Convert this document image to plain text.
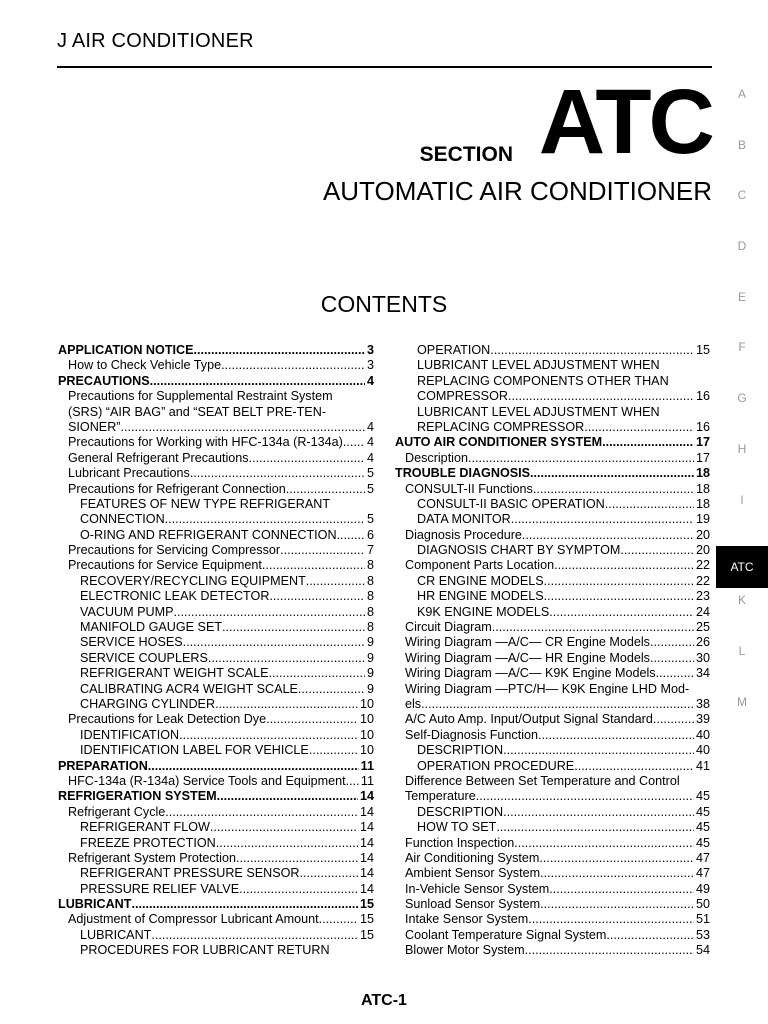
J AIR CONDITIONER
SECTION ATC
AUTOMATIC AIR CONDITIONER
CONTENTS
APPLICATION NOTICE .....	3
How to Check Vehicle Type .....	3
PRECAUTIONS .....	4
Precautions for Supplemental Restraint System
(SRS) “AIR BAG” and “SEAT BELT PRE-TEN-
SIONER” .....	4
Precautions for Working with HFC-134a (R-134a) ..... 4
General Refrigerant Precautions .....	4
Lubricant Precautions .....	5
Precautions for Refrigerant Connection .....	5
FEATURES OF NEW TYPE REFRIGERANT
CONNECTION .....	5
O-RING AND REFRIGERANT CONNECTION ..... 6
Precautions for Servicing Compressor .....	7
Precautions for Service Equipment .....	8
RECOVERY/RECYCLING EQUIPMENT .....	8
ELECTRONIC LEAK DETECTOR .....	8
VACUUM PUMP .....	8
MANIFOLD GAUGE SET .....	8
SERVICE HOSES .....	9
SERVICE COUPLERS .....	9
REFRIGERANT WEIGHT SCALE .....	9
CALIBRATING ACR4 WEIGHT SCALE .....	9
CHARGING CYLINDER .....	10
Precautions for Leak Detection Dye .....	10
IDENTIFICATION .....	10
IDENTIFICATION LABEL FOR VEHICLE .....	10
PREPARATION .....	11
HFC-134a (R-134a) Service Tools and Equipment ..... 11
REFRIGERATION SYSTEM .....	14
Refrigerant Cycle .....	14
REFRIGERANT FLOW .....	14
FREEZE PROTECTION .....	14
Refrigerant System Protection .....	14
REFRIGERANT PRESSURE SENSOR .....	14
PRESSURE RELIEF VALVE .....	14
LUBRICANT .....	15
Adjustment of Compressor Lubricant Amount .....	15
LUBRICANT .....	15
PROCEDURES FOR LUBRICANT RETURN
OPERATION .....	15
LUBRICANT LEVEL ADJUSTMENT WHEN
REPLACING COMPONENTS OTHER THAN
COMPRESSOR .....	16
LUBRICANT LEVEL ADJUSTMENT WHEN
REPLACING COMPRESSOR .....	16
AUTO AIR CONDITIONER SYSTEM .....	17
Description .....	17
TROUBLE DIAGNOSIS .....	18
CONSULT-II Functions .....	18
CONSULT-II BASIC OPERATION .....	18
DATA MONITOR .....	19
Diagnosis Procedure .....	20
DIAGNOSIS CHART BY SYMPTOM .....	20
Component Parts Location .....	22
CR ENGINE MODELS .....	22
HR ENGINE MODELS .....	23
K9K ENGINE MODELS .....	24
Circuit Diagram .....	25
Wiring Diagram —A/C— CR Engine Models .....	26
Wiring Diagram —A/C— HR Engine Models .....	30
Wiring Diagram —A/C— K9K Engine Models .....	34
Wiring Diagram —PTC/H— K9K Engine LHD Mod-
els .....	38
A/C Auto Amp. Input/Output Signal Standard .....	39
Self-Diagnosis Function .....	40
DESCRIPTION .....	40
OPERATION PROCEDURE .....	41
Difference Between Set Temperature and Control
Temperature .....	45
DESCRIPTION .....	45
HOW TO SET .....	45
Function Inspection .....	45
Air Conditioning System .....	47
Ambient Sensor System .....	47
In-Vehicle Sensor System .....	49
Sunload Sensor System .....	50
Intake Sensor System .....	51
Coolant Temperature Signal System .....	53
Blower Motor System .....	54
A
B
C
D
E
F
G
H
I
ATC
K
L
M
ATC-1
